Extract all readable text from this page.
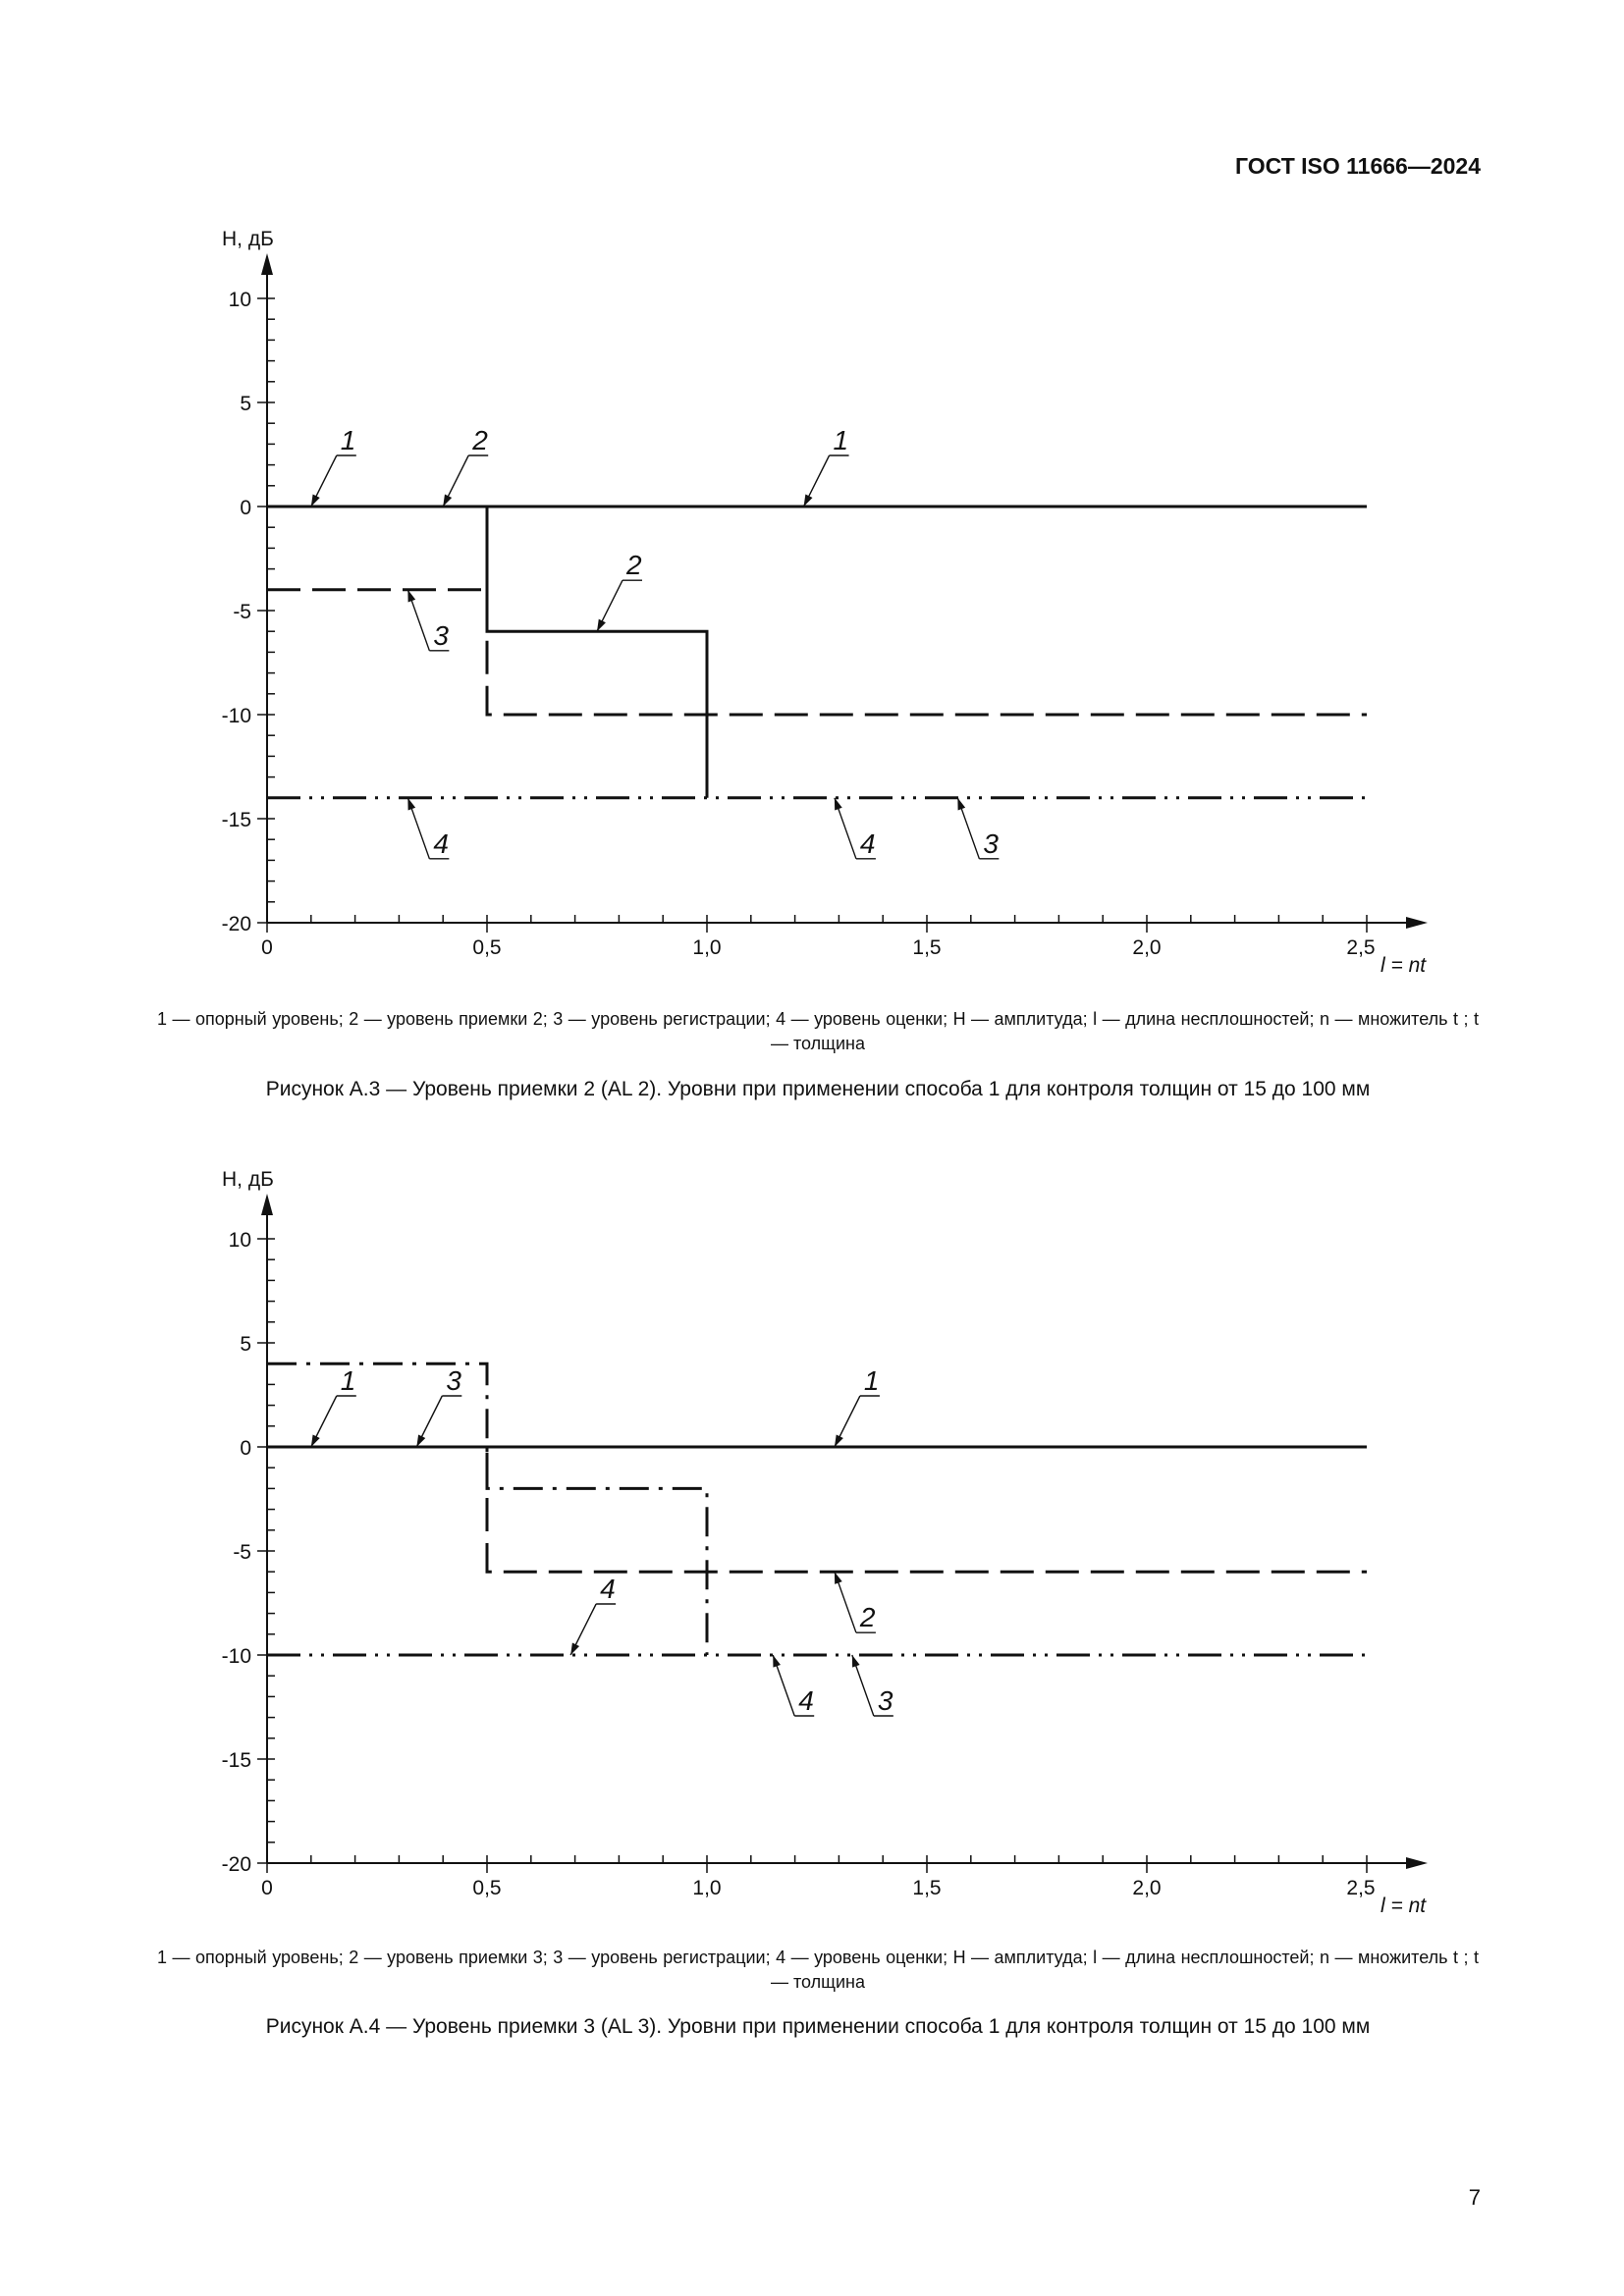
ГОСТ ISO 11666—2024
10
5
0
-5
-10
-15
-20
0	0,5	1,0	1,5	2,0	2,5
H, дБ
l = nt
1	2	1
3
2
4	4	3
1 — опорный уровень; 2 — уровень приемки 2; 3 — уровень регистрации; 4 — уровень оценки; H — амплитуда; l — длина несплошностей; n — множитель t ; t — толщина
Рисунок А.3 — Уровень приемки 2 (AL 2). Уровни при применении способа 1 для контроля толщин от 15 до 100 мм
10
5
0
-5
-10
-15
-20
0	0,5	1,0	1,5	2,0	2,5
H, дБ
l = nt
1	3	1
2
4
4 3
1 — опорный уровень; 2 — уровень приемки 3; 3 — уровень регистрации; 4 — уровень оценки; H — амплитуда; l — длина несплошностей; n — множитель t ; t — толщина
Рисунок А.4 — Уровень приемки 3 (AL 3). Уровни при применении способа 1 для контроля толщин от 15 до 100 мм
7
